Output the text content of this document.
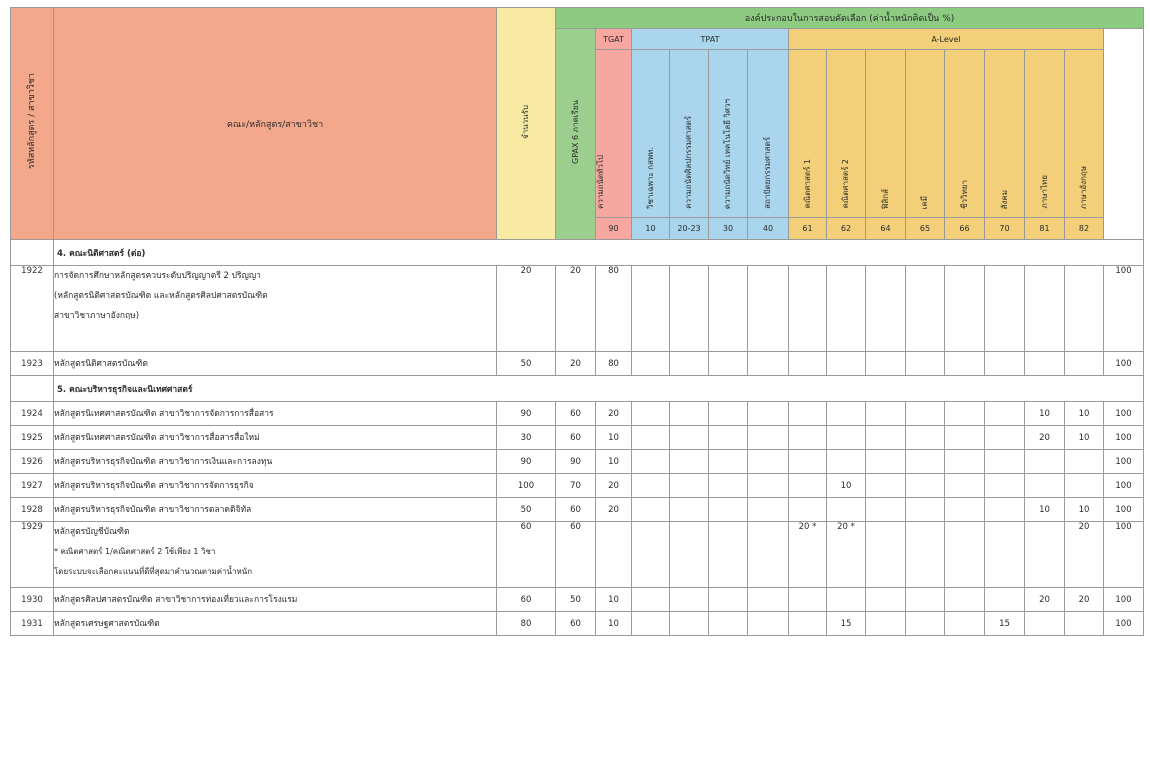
รหัสหลักสูตร / สาขาวิชา	คณะ/หลักสูตร/สาขาวิชา	จำนวนรับ	องค์ประกอบในการสอบคัดเลือก (ค่าน้ำหนักคิดเป็น %)	
			GPAX 6 ภาคเรียน	TGAT	TPAT				A-Level									
				ความถนัดทั่วไป	วิชาเฉพาะ กสพท.	ความถนัดศิลปกรรมศาสตร์	ความถนัดวิทย์ เทคโนโลยี วิศวฯ	สถาปัตยกรรมศาสตร์	คณิตศาสตร์ 1	คณิตศาสตร์ 2	ฟิสิกส์	เคมี	ชีววิทยา	สังคม	ภาษาไทย	ภาษาอังกฤษ		
				90	10	20-23	30	40	61	62	64	65	66	70	81	82		
	4. คณะนิติศาสตร์ (ต่อ)																	
1922	การจัดการศึกษาหลักสูตรควบระดับปริญญาตรี 2 ปริญญา
(หลักสูตรนิติศาสตรบัณฑิต และหลักสูตรศิลปศาสตรบัณฑิต
สาขาวิชาภาษาอังกฤษ)	20	20	80													100	
1923	หลักสูตรนิติศาสตรบัณฑิต	50	20	80													100	
	5. คณะบริหารธุรกิจและนิเทศศาสตร์																	
1924	หลักสูตรนิเทศศาสตรบัณฑิต สาขาวิชาการจัดการการสื่อสาร	90	60	20											10	10	100	
1925	หลักสูตรนิเทศศาสตรบัณฑิต สาขาวิชาการสื่อสารสื่อใหม่	30	60	10											20	10	100	
1926	หลักสูตรบริหารธุรกิจบัณฑิต สาขาวิชาการเงินและการลงทุน	90	90	10													100	
1927	หลักสูตรบริหารธุรกิจบัณฑิต สาขาวิชาการจัดการธุรกิจ	100	70	20						10							100	
1928	หลักสูตรบริหารธุรกิจบัณฑิต สาขาวิชาการตลาดดิจิทัล	50	60	20											10	10	100	
1929	หลักสูตรบัญชีบัณฑิต
* คณิตศาสตร์ 1/คณิตศาสตร์ 2 ใช้เพียง 1 วิชา
โดยระบบจะเลือกคะแนนที่ดีที่สุดมาคำนวณตามค่าน้ำหนัก	60	60						20 *	20 *						20	100	
1930	หลักสูตรศิลปศาสตรบัณฑิต สาขาวิชาการท่องเที่ยวและการโรงแรม	60	50	10											20	20	100	
1931	หลักสูตรเศรษฐศาสตรบัณฑิต	80	60	10						15				15			100	
